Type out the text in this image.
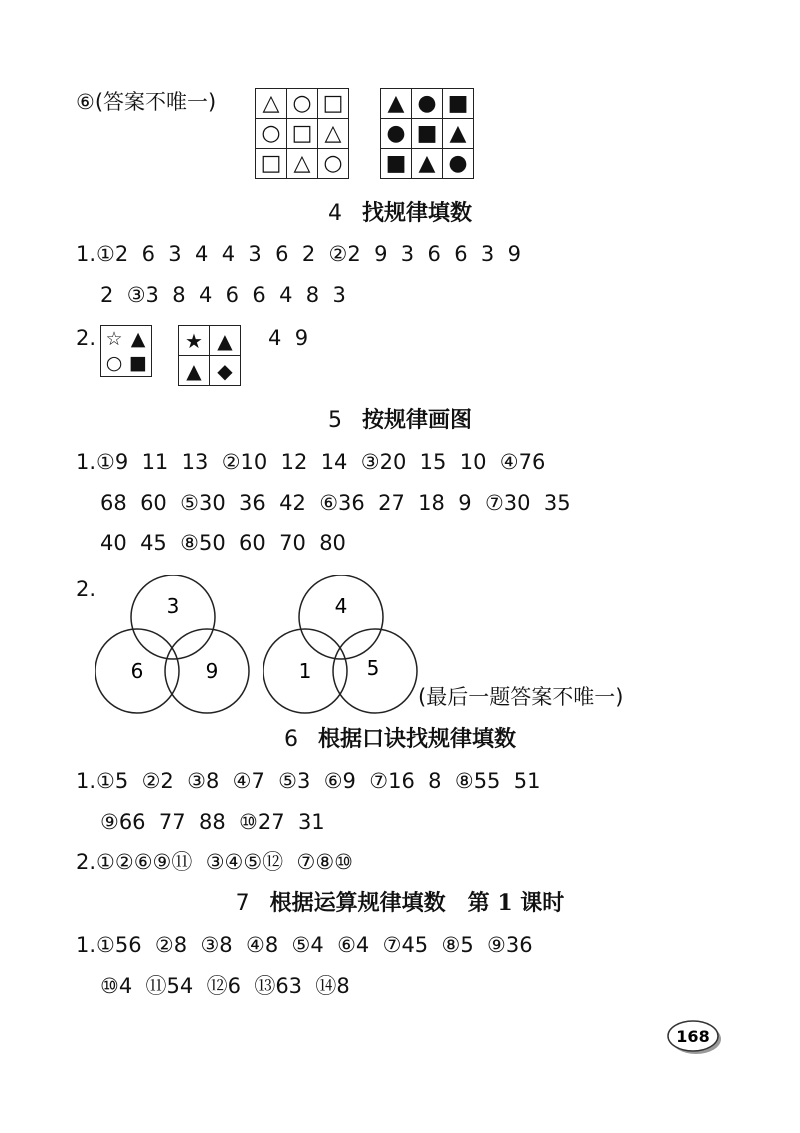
⑥(答案不唯一) △	○	□
○	□	△
□	△	○
▲	●	■
●	■	▲
■	▲	●
4 找规律填数
1.①2  6  3  4  4  3  6  2  ②2  9  3  6  6  3  9
2  ③3  8  4  6  6  4  8  3
2. ☆	▲
○	■
★	▲
▲	◆
4  9
5 按规律画图
1.①9  11  13  ②10  12  14  ③20  15  10  ④76
68  60  ⑤30  36  42  ⑥36  27  18  9  ⑦30  35
40  45  ⑧50  60  70  80
2.
3
6	9
4
1	5
(最后一题答案不唯一)
6 根据口诀找规律填数
1.①5  ②2  ③8  ④7  ⑤3  ⑥9  ⑦16  8  ⑧55  51
⑨66  77  88  ⑩27  31
2.①②⑥⑨⑪  ③④⑤⑫  ⑦⑧⑩
7 根据运算规律填数　第 1 课时
1.①56  ②8  ③8  ④8  ⑤4  ⑥4  ⑦45  ⑧5  ⑨36
⑩4  ⑪54  ⑫6  ⑬63  ⑭8
168
